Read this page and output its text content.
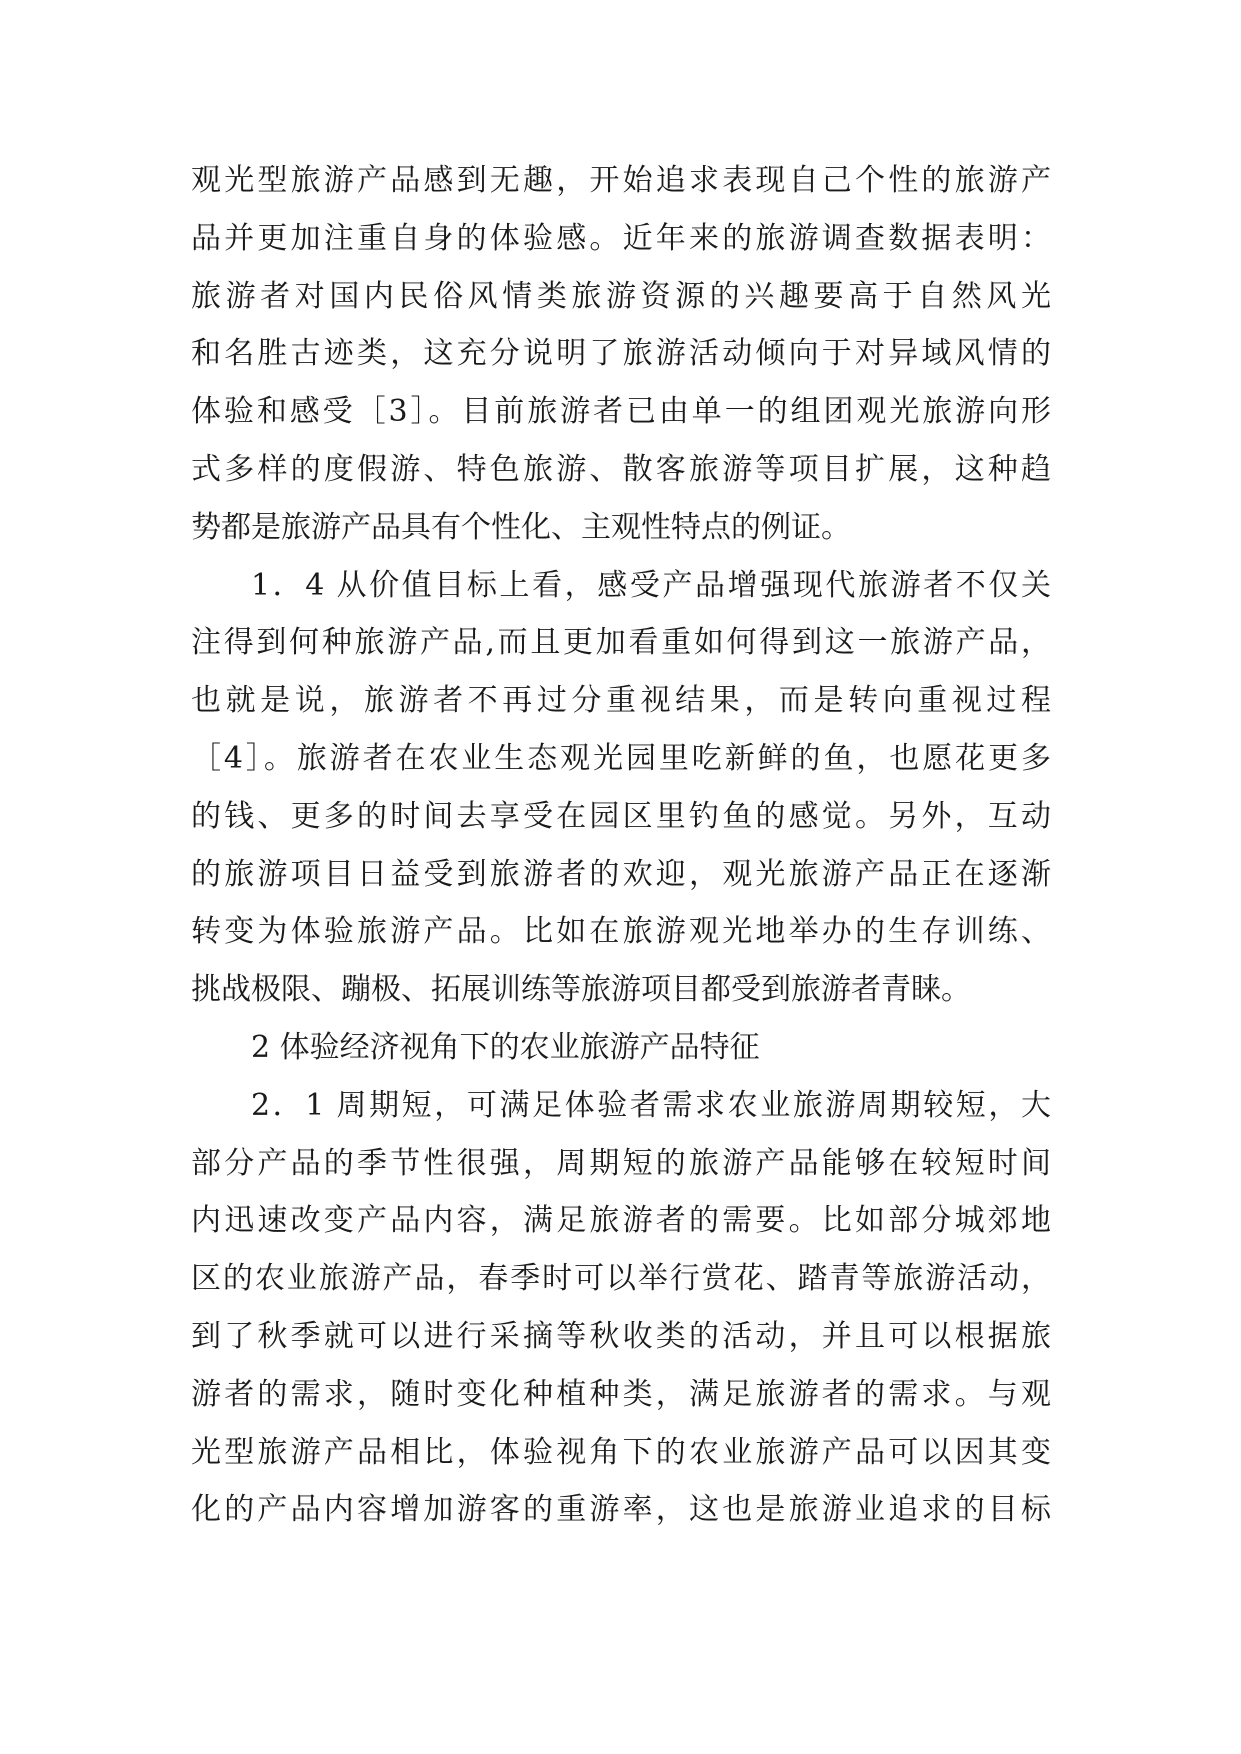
观光型旅游产品感到无趣，开始追求表现自己个性的旅游产
品并更加注重自身的体验感。近年来的旅游调查数据表明：
旅游者对国内民俗风情类旅游资源的兴趣要高于自然风光
和名胜古迹类，这充分说明了旅游活动倾向于对异域风情的
体验和感受［3］。目前旅游者已由单一的组团观光旅游向形
式多样的度假游、特色旅游、散客旅游等项目扩展，这种趋
势都是旅游产品具有个性化、主观性特点的例证。
1．4 从价值目标上看，感受产品增强现代旅游者不仅关
注得到何种旅游产品,而且更加看重如何得到这一旅游产品，
也就是说，旅游者不再过分重视结果，而是转向重视过程
［4］。旅游者在农业生态观光园里吃新鲜的鱼，也愿花更多
的钱、更多的时间去享受在园区里钓鱼的感觉。另外，互动
的旅游项目日益受到旅游者的欢迎，观光旅游产品正在逐渐
转变为体验旅游产品。比如在旅游观光地举办的生存训练、
挑战极限、蹦极、拓展训练等旅游项目都受到旅游者青睐。
2 体验经济视角下的农业旅游产品特征
2．1 周期短，可满足体验者需求农业旅游周期较短，大
部分产品的季节性很强，周期短的旅游产品能够在较短时间
内迅速改变产品内容，满足旅游者的需要。比如部分城郊地
区的农业旅游产品，春季时可以举行赏花、踏青等旅游活动，
到了秋季就可以进行采摘等秋收类的活动，并且可以根据旅
游者的需求，随时变化种植种类，满足旅游者的需求。与观
光型旅游产品相比，体验视角下的农业旅游产品可以因其变
化的产品内容增加游客的重游率，这也是旅游业追求的目标
